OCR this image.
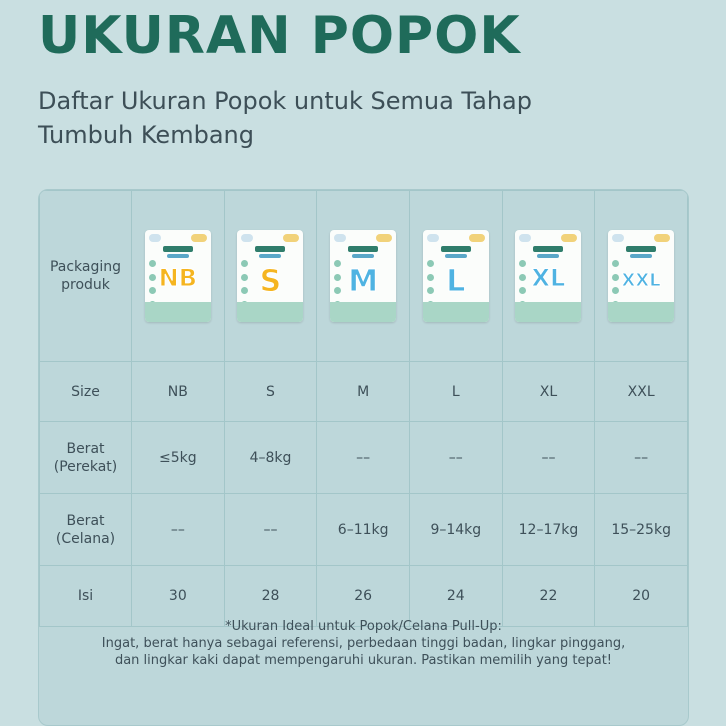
UKURAN POPOK

Daftar Ukuran Popok untuk Semua Tahap Tumbuh Kembang

Packaging produk	NB	S	M	L	XL	XXL

Size	NB	S	M	L	XL	XXL
Berat (Perekat)	≤5kg	4–8kg	––	––	––	––
Berat (Celana)	––	––	6–11kg	9–14kg	12–17kg	15–25kg
Isi	30	28	26	24	22	20
*Ukuran Ideal untuk Popok/Celana Pull-Up:
Ingat, berat hanya sebagai referensi, perbedaan tinggi badan, lingkar pinggang,
dan lingkar kaki dapat mempengaruhi ukuran. Pastikan memilih yang tepat!
